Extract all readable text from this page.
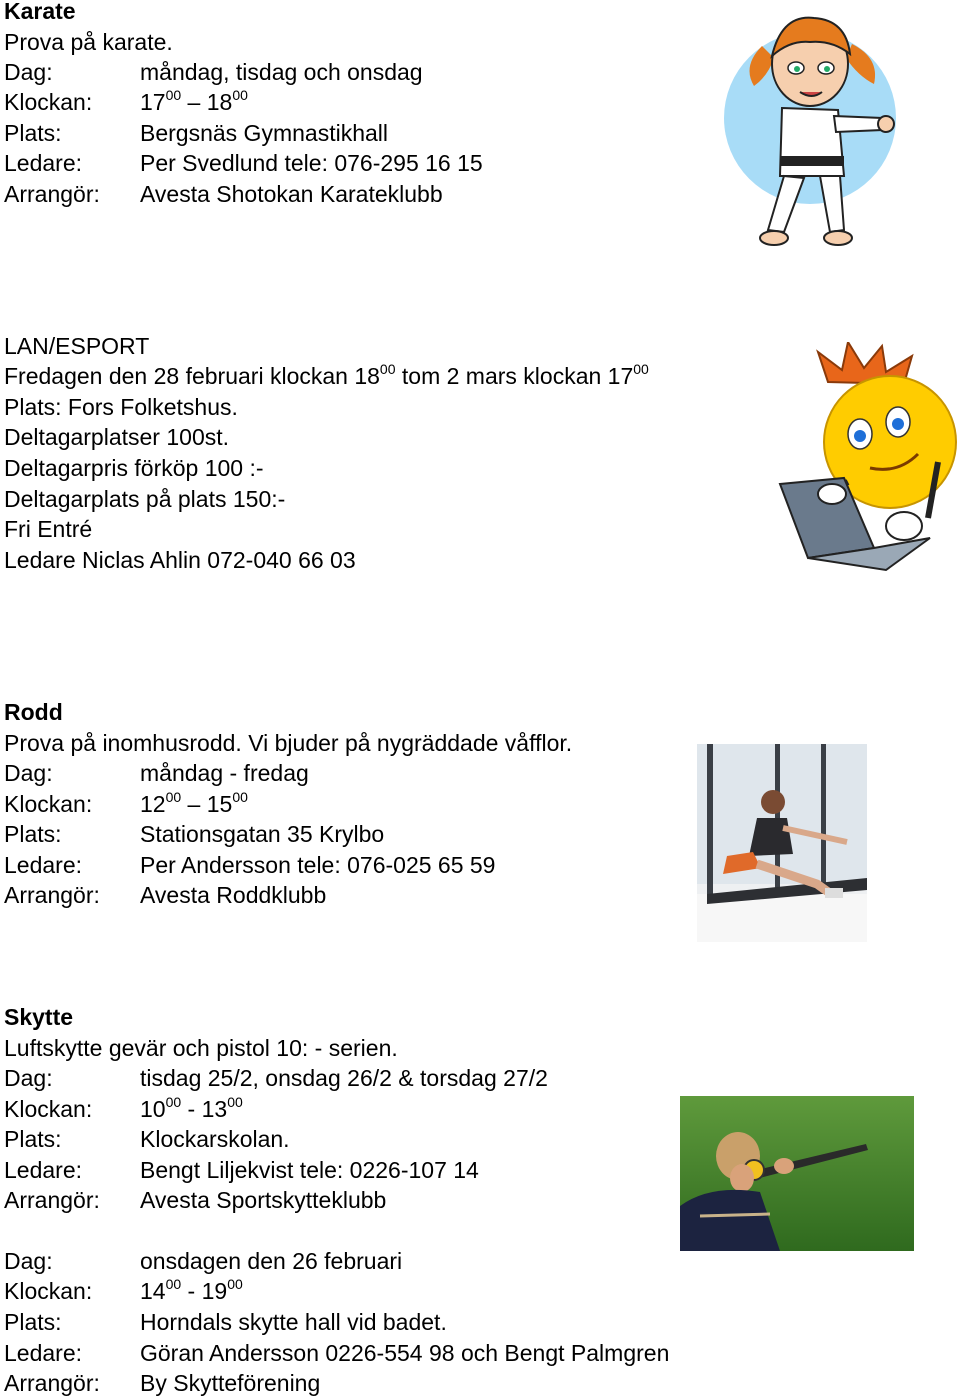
Karate
Prova på karate.
Dag:	måndag, tisdag och onsdag
Klockan: $17^{00} - 18^{00}$
Plats:	Bergsnäs Gymnastikhall
Ledare:	Per Svedlund tele: 076-295 16 15
Arrangör: Avesta Shotokan Karateklubb
LAN/ESPORT
Fredagen den 28 februari klockan $18^{00}$ tom 2 mars klockan $17^{00}$
Plats: Fors Folketshus.
Deltagarplatser 100st.
Deltagarpris förköp 100 :-
Deltagarplats på plats 150:-
Fri Entré
Ledare Niclas Ahlin 072-040 66 03
Rodd
Prova på inomhusrodd. Vi bjuder på nygräddade våfflor.
Dag:	måndag - fredag
Klockan: $12^{00} - 15^{00}$
Plats:	Stationsgatan 35 Krylbo
Ledare:	Per Andersson tele: 076-025 65 59
Arrangör: Avesta Roddklubb
Skytte
Luftskytte gevär och pistol 10: - serien.
Dag:	tisdag 25/2, onsdag 26/2 & torsdag 27/2
Klockan: $10^{00} - 13^{00}$
Plats:	Klockarskolan.
Ledare:	Bengt Liljekvist tele: 0226-107 14
Arrangör: Avesta Sportskytteklubb
Dag:	onsdagen den 26 februari
Klockan: $14^{00} - 19^{00}$
Plats:	Horndals skytte hall vid badet.
Ledare:	Göran Andersson 0226-554 98 och Bengt Palmgren
Arrangör: By Skytteförening
